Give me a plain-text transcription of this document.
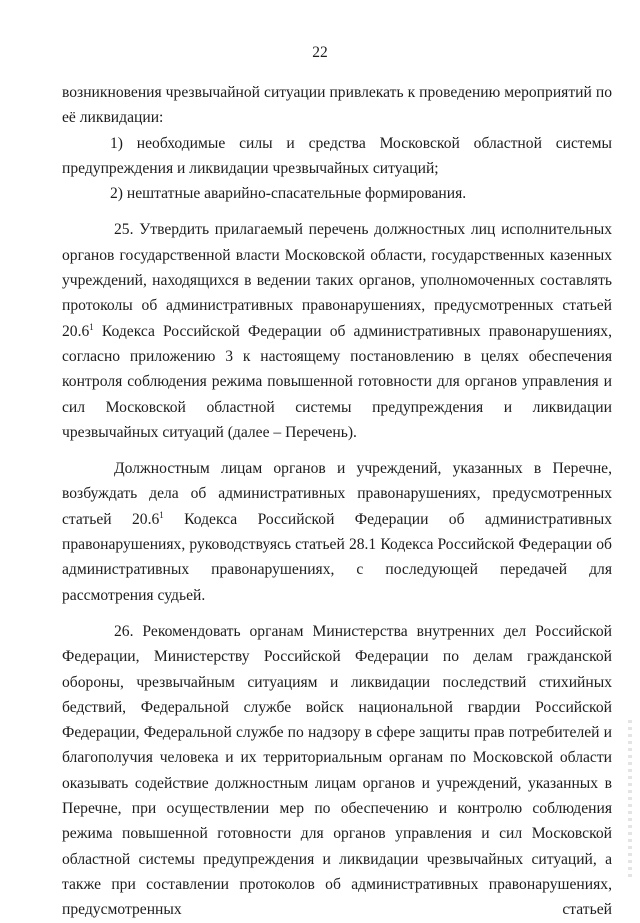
22

возникновения чрезвычайной ситуации привлекать к проведению мероприятий по её ликвидации:

1) необходимые силы и средства Московской областной системы предупреждения и ликвидации чрезвычайных ситуаций;

2) нештатные аварийно-спасательные формирования.

25. Утвердить прилагаемый перечень должностных лиц исполнительных органов государственной власти Московской области, государственных казенных учреждений, находящихся в ведении таких органов, уполномоченных составлять протоколы об административных правонарушениях, предусмотренных статьей 20.6$^1$ Кодекса Российской Федерации об административных правонарушениях, согласно приложению 3 к настоящему постановлению в целях обеспечения контроля соблюдения режима повышенной готовности для органов управления и сил Московской областной системы предупреждения и ликвидации чрезвычайных ситуаций (далее – Перечень).

Должностным лицам органов и учреждений, указанных в Перечне, возбуждать дела об административных правонарушениях, предусмотренных статьей 20.6$^1$ Кодекса Российской Федерации об административных правонарушениях, руководствуясь статьей 28.1 Кодекса Российской Федерации об административных правонарушениях, с последующей передачей для рассмотрения судьей.

26. Рекомендовать органам Министерства внутренних дел Российской Федерации, Министерству Российской Федерации по делам гражданской обороны, чрезвычайным ситуациям и ликвидации последствий стихийных бедствий, Федеральной службе войск национальной гвардии Российской Федерации, Федеральной службе по надзору в сфере защиты прав потребителей и благополучия человека и их территориальным органам по Московской области оказывать содействие должностным лицам органов и учреждений, указанных в Перечне, при осуществлении мер по обеспечению и контролю соблюдения режима повышенной готовности для органов управления и сил Московской областной системы предупреждения и ликвидации чрезвычайных ситуаций, а также при составлении протоколов об административных правонарушениях, предусмотренных статьей
